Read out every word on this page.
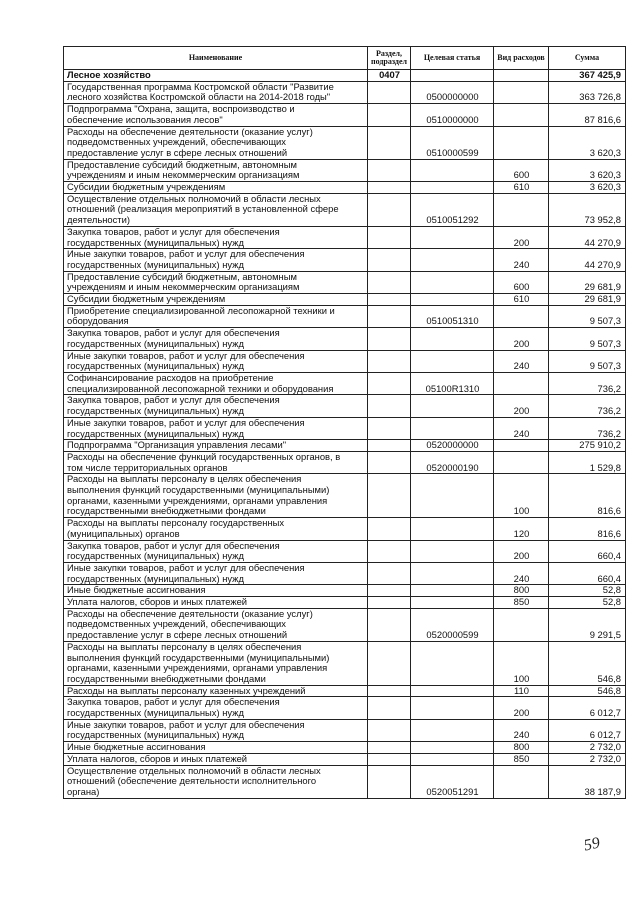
Наименование	Раздел, подраздел	Целевая статья	Вид расходов	Сумма
Лесное хозяйство	0407			367 425,9
Государственная программа Костромской области "Развитие
лесного хозяйства Костромской области на 2014-2018 годы"		0500000000		363 726,8
Подпрограмма "Охрана, защита, воспроизводство и
обеспечение использования лесов"		0510000000		87 816,6
Расходы на обеспечение деятельности (оказание услуг)
подведомственных учреждений, обеспечивающих
предоставление услуг в сфере лесных отношений		0510000599		3 620,3
Предоставление субсидий бюджетным, автономным
учреждениям и иным некоммерческим организациям			600	3 620,3
Субсидии бюджетным учреждениям			610	3 620,3
Осуществление отдельных полномочий в области лесных
отношений (реализация мероприятий в установленной сфере
деятельности)		0510051292		73 952,8
Закупка товаров, работ и услуг для обеспечения
государственных (муниципальных) нужд			200	44 270,9
Иные закупки товаров, работ и услуг для обеспечения
государственных (муниципальных) нужд			240	44 270,9
Предоставление субсидий бюджетным, автономным
учреждениям и иным некоммерческим организациям			600	29 681,9
Субсидии бюджетным учреждениям			610	29 681,9
Приобретение специализированной лесопожарной техники и
оборудования		0510051310		9 507,3
Закупка товаров, работ и услуг для обеспечения
государственных (муниципальных) нужд			200	9 507,3
Иные закупки товаров, работ и услуг для обеспечения
государственных (муниципальных) нужд			240	9 507,3
Софинансирование расходов на приобретение
специализированной лесопожарной техники и оборудования		05100R1310		736,2
Закупка товаров, работ и услуг для обеспечения
государственных (муниципальных) нужд			200	736,2
Иные закупки товаров, работ и услуг для обеспечения
государственных (муниципальных) нужд			240	736,2
Подпрограмма "Организация управления лесами"		0520000000		275 910,2
Расходы на обеспечение функций государственных органов, в
том числе территориальных органов		0520000190		1 529,8
Расходы на выплаты персоналу в целях обеспечения
выполнения функций государственными (муниципальными)
органами, казенными учреждениями, органами управления
государственными внебюджетными фондами			100	816,6
Расходы на выплаты персоналу государственных
(муниципальных) органов			120	816,6
Закупка товаров, работ и услуг для обеспечения
государственных (муниципальных) нужд			200	660,4
Иные закупки товаров, работ и услуг для обеспечения
государственных (муниципальных) нужд			240	660,4
Иные бюджетные ассигнования			800	52,8
Уплата налогов, сборов и иных платежей			850	52,8
Расходы на обеспечение деятельности (оказание услуг)
подведомственных учреждений, обеспечивающих
предоставление услуг в сфере лесных отношений		0520000599		9 291,5
Расходы на выплаты персоналу в целях обеспечения
выполнения функций государственными (муниципальными)
органами, казенными учреждениями, органами управления
государственными внебюджетными фондами			100	546,8
Расходы на выплаты персоналу казенных учреждений			110	546,8
Закупка товаров, работ и услуг для обеспечения
государственных (муниципальных) нужд			200	6 012,7
Иные закупки товаров, работ и услуг для обеспечения
государственных (муниципальных) нужд			240	6 012,7
Иные бюджетные ассигнования			800	2 732,0
Уплата налогов, сборов и иных платежей			850	2 732,0
Осуществление отдельных полномочий в области лесных
отношений (обеспечение деятельности исполнительного
органа)		0520051291		38 187,9
59
